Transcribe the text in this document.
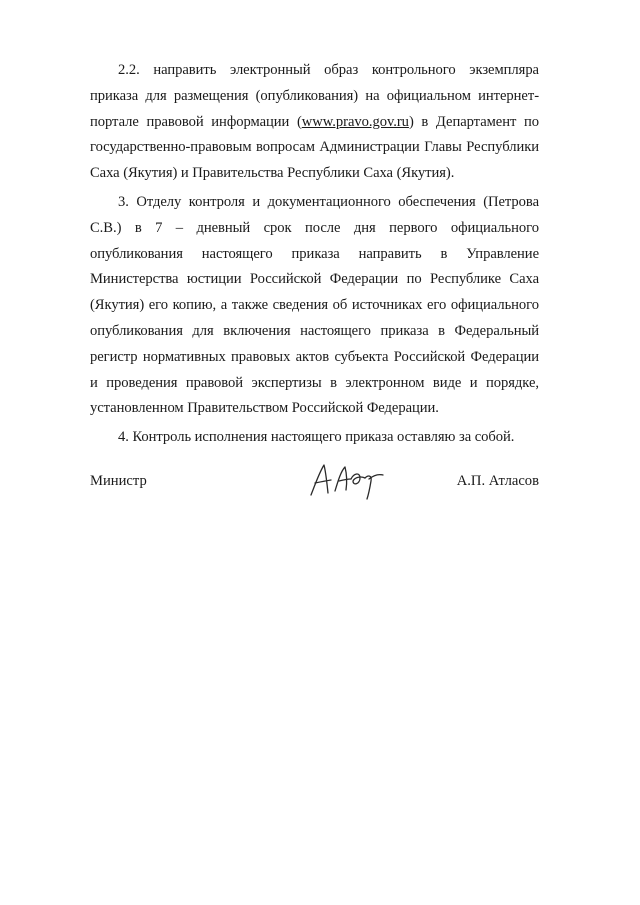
2.2. направить электронный образ контрольного экземпляра приказа для размещения (опубликования) на официальном интернет-портале правовой информации (www.pravo.gov.ru) в Департамент по государственно-правовым вопросам Администрации Главы Республики Саха (Якутия) и Правительства Республики Саха (Якутия).

3. Отделу контроля и документационного обеспечения (Петрова С.В.) в 7 – дневный срок после дня первого официального опубликования настоящего приказа направить в Управление Министерства юстиции Российской Федерации по Республике Саха (Якутия) его копию, а также сведения об источниках его официального опубликования для включения настоящего приказа в Федеральный регистр нормативных правовых актов субъекта Российской Федерации и проведения правовой экспертизы в электронном виде и порядке, установленном Правительством Российской Федерации.

4. Контроль исполнения настоящего приказа оставляю за собой.

Министр	А.П. Атласов
